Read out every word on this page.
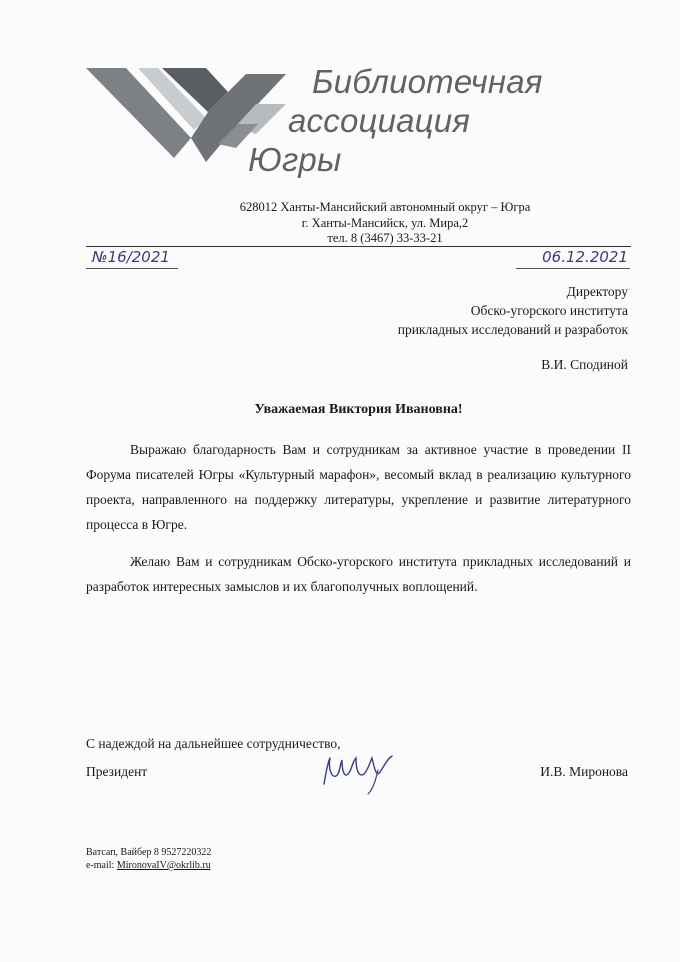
Библиотечная
ассоциация
Югры
628012 Ханты-Мансийский автономный округ – Югра
г. Ханты-Мансийск, ул. Мира,2
тел. 8 (3467) 33-33-21
№16/2021	06.12.2021
Директору
Обско-угорского института
прикладных исследований и разработок
В.И. Сподиной
Уважаемая Виктория Ивановна!
Выражаю благодарность Вам и сотрудникам за активное участие в проведении II Форума писателей Югры «Культурный марафон», весомый вклад в реализацию культурного проекта, направленного на поддержку литературы, укрепление и развитие литературного процесса в Югре.
Желаю Вам и сотрудникам Обско-угорского института прикладных исследований и разработок интересных замыслов и их благополучных воплощений.
С надеждой на дальнейшее сотрудничество,
Президент	И.В. Миронова
Ватсап, Вайбер 8 9527220322
e-mail: MironovaIV@okrlib.ru
